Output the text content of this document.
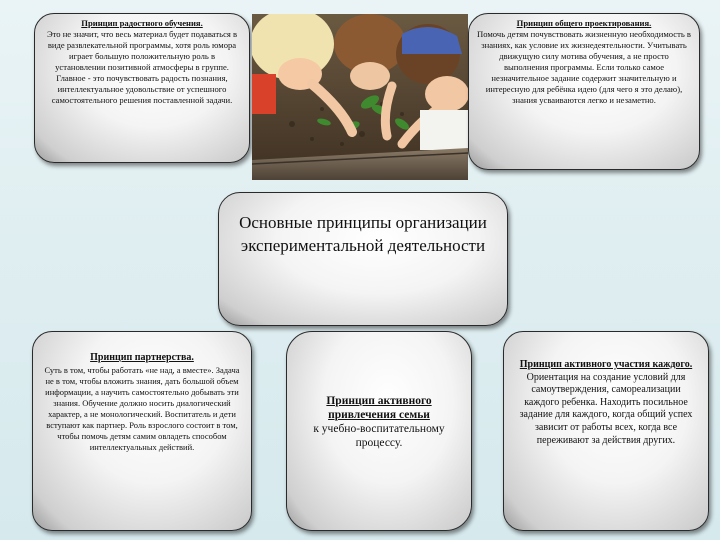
Принцип радостного обучения.
Это не значит, что весь материал будет подаваться в виде развлекательной программы, хотя роль юмора играет большую положительную роль в установлении позитивной атмосферы в группе. Главное - это почувствовать радость познания, интеллектуальное удовольствие от успешного самостоятельного решения поставленной задачи.
Принцип общего проектирования.
Помочь детям почувствовать жизненную необходимость в знаниях, как условие их жизнедеятельности. Учитывать движущую силу мотива обучения, а не просто выполнения программы. Если только самое незначительное задание содержит значительную и интересную для ребёнка идею (для чего я это делаю), знания усваиваются легко и незаметно.
Основные принципы организации экспериментальной деятельности
Принцип партнерства.
Суть в том, чтобы работать «не над, а вместе». Задача не в том, чтобы вложить знания, дать большой объем информации, а научить самостоятельно добывать эти знания. Обучение должно носить диалогический характер, а не монологический. Воспитатель и дети вступают как партнер. Роль взрослого состоит в том, чтобы помочь детям самим овладеть способом интеллектуальных действий.
Принцип активного привлечения семьи
к учебно-воспитательному процессу.
Принцип активного участия каждого.
Ориентация на создание условий для самоутверждения, самореализации каждого ребенка. Находить посильное задание для каждого, когда общий успех зависит от работы всех, когда все переживают за действия других.
